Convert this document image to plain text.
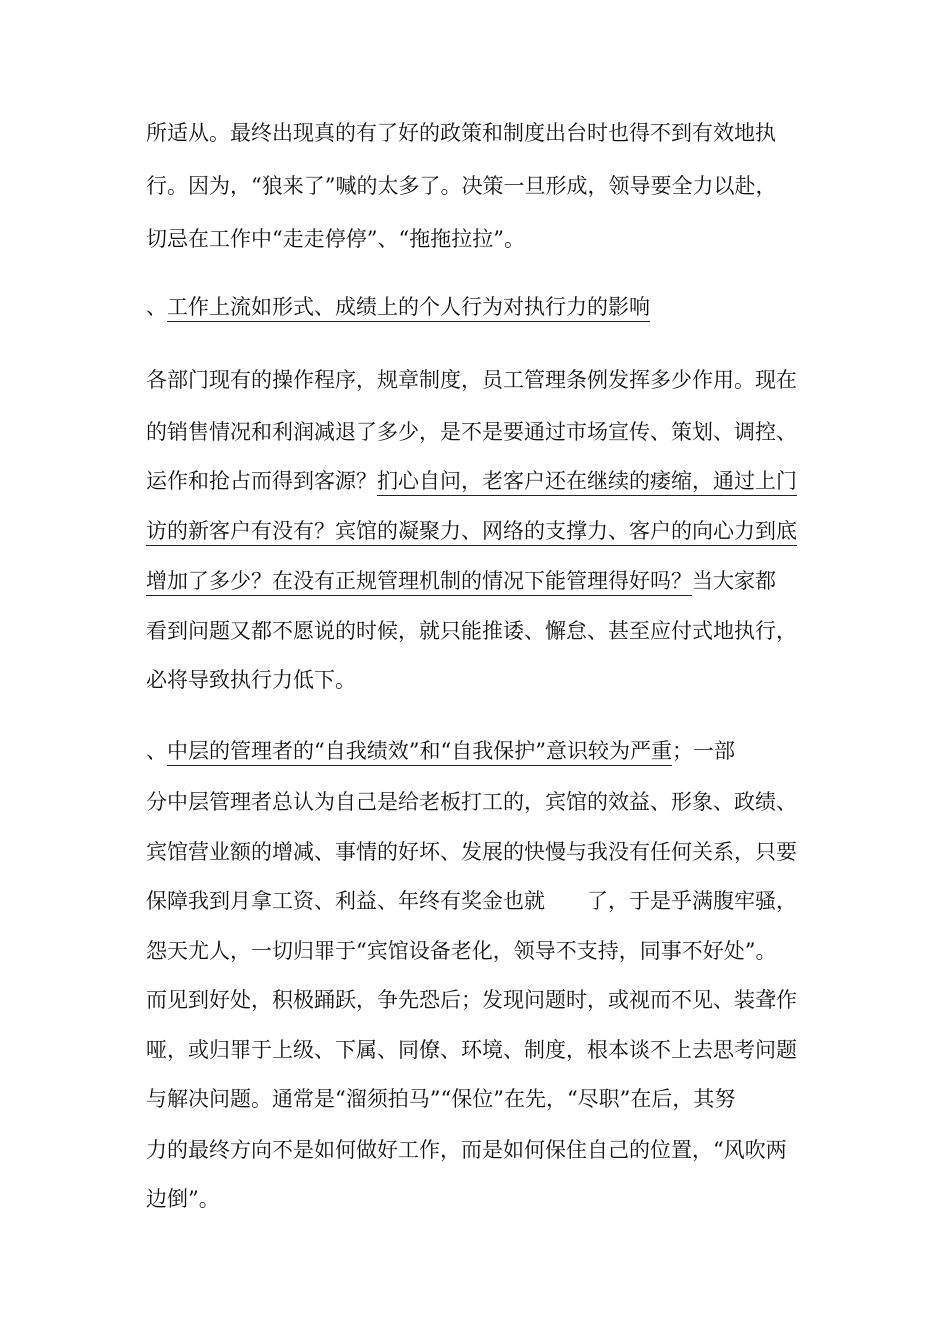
所适从。最终出现真的有了好的政策和制度出台时也得不到有效地执
行。因为，“狼来了”喊的太多了。决策一旦形成，领导要全力以赴，
切忌在工作中“走走停停”、“拖拖拉拉”。
、工作上流如形式、成绩上的个人行为对执行力的影响
各部门现有的操作程序，规章制度，员工管理条例发挥多少作用。现在
的销售情况和利润减退了多少，是不是要通过市场宣传、策划、调控、
运作和抢占而得到客源？扪心自问，老客户还在继续的痿缩，通过上门
访的新客户有没有？宾馆的凝聚力、网络的支撑力、客户的向心力到底
增加了多少？在没有正规管理机制的情况下能管理得好吗？当大家都
看到问题又都不愿说的时候，就只能推诿、懈怠、甚至应付式地执行，
必将导致执行力低下。
、中层的管理者的“自我绩效”和“自我保护”意识较为严重；一部
分中层管理者总认为自己是给老板打工的，宾馆的效益、形象、政绩、
宾馆营业额的增减、事情的好坏、发展的快慢与我没有任何关系，只要
保障我到月拿工资、利益、年终有奖金也就　　了，于是乎满腹牢骚，
怨天尤人，一切归罪于“宾馆设备老化，领导不支持，同事不好处”。
而见到好处，积极踊跃，争先恐后；发现问题时，或视而不见、装聋作
哑，或归罪于上级、下属、同僚、环境、制度，根本谈不上去思考问题
与解决问题。通常是“溜须拍马”“保位”在先，“尽职”在后，其努
力的最终方向不是如何做好工作，而是如何保住自己的位置，“风吹两
边倒”。
